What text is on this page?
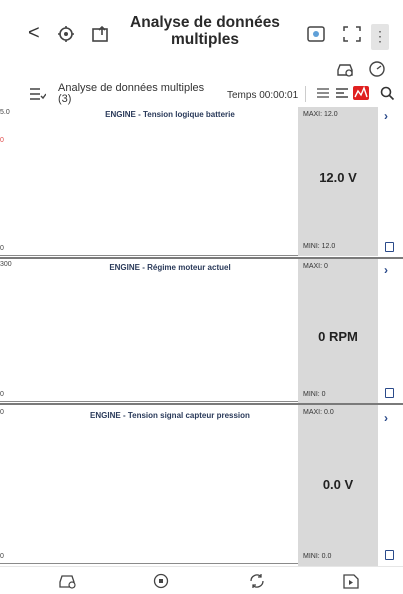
<	Analyse de données multiples	⋮
Analyse de données multiples (3)	Temps 00:00:01
5.0
0
0
ENGINE - Tension logique batterie	MAXI: 12.0
12.0 V
MINI: 12.0
›
300
0
ENGINE - Régime moteur actuel	MAXI: 0
0 RPM
MINI: 0
›
0
0
ENGINE - Tension signal capteur pression	MAXI: 0.0
0.0 V
MINI: 0.0
›
